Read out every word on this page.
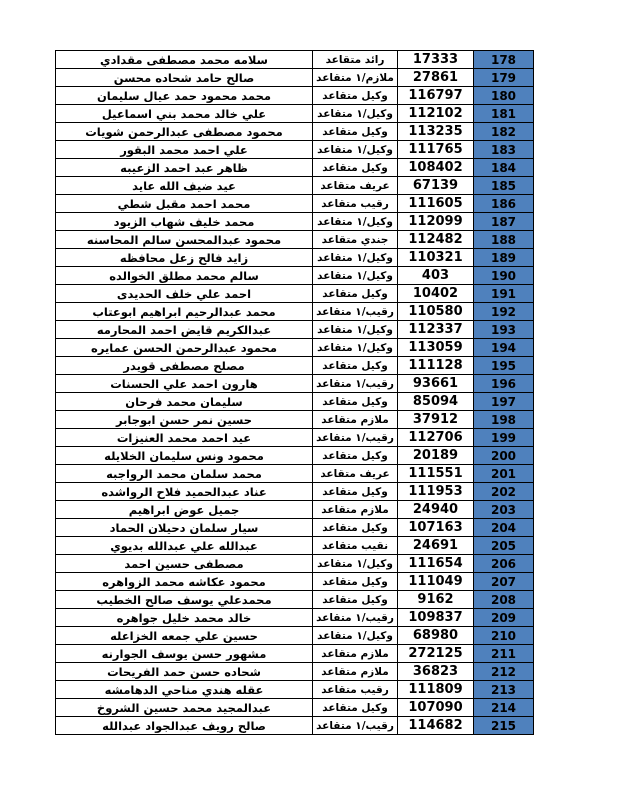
178	17333	رائد متقاعد	سلامه محمد مصطفى مقدادي
179	27861	ملازم/١ متقاعد	صالح حامد شحاده محسن
180	116797	وكيل متقاعد	محمد محمود حمد عيال سليمان
181	112102	وكيل/١ متقاعد	علي خالد محمد بني اسماعيل
182	113235	وكيل متقاعد	محمود مصطفى عبدالرحمن شويات
183	111765	وكيل/١ متقاعد	علي احمد محمد البقور
184	108402	وكيل متقاعد	ظاهر عبد احمد الزعيبه
185	67139	عريف متقاعد	عيد ضيف الله عايد
186	111605	رقيب متقاعد	محمد احمد مقبل شطي
187	112099	وكيل/١ متقاعد	محمد خليف شهاب الزيود
188	112482	جندي متقاعد	محمود عبدالمحسن سالم المحاسنه
189	110321	وكيل/١ متقاعد	زايد فالح زعل محافظه
190	403	وكيل/١ متقاعد	سالم محمد مطلق الخوالده
191	10402	وكيل متقاعد	احمد علي خلف الحديدى
192	110580	رقيب/١ متقاعد	محمد عبدالرحيم ابراهيم ابوعتاب
193	112337	وكيل/١ متقاعد	عبدالكريم قايض احمد المحارمه
194	113059	وكيل/١ متقاعد	محمود عبدالرحمن الحسن عمايره
195	111128	وكيل متقاعد	مصلح مصطفى قويدر
196	93661	رقيب/١ متقاعد	هارون احمد علي الحسنات
197	85094	وكيل متقاعد	سليمان محمد فرحان
198	37912	ملازم متقاعد	حسين نمر حسن ابوجابر
199	112706	رقيب/١ متقاعد	عيد احمد محمد العنيزات
200	20189	وكيل متقاعد	محمود ونس سليمان الخلايله
201	111551	عريف متقاعد	محمد سلمان محمد الرواجبه
202	111953	وكيل متقاعد	عناد عبدالحميد فلاح الرواشده
203	24940	ملازم متقاعد	جميل عوض ابراهيم
204	107163	وكيل متقاعد	سيار سلمان دحيلان الحماد
205	24691	نقيب متقاعد	عبدالله علي عبدالله بديوي
206	111654	وكيل/١ متقاعد	مصطفى حسين احمد
207	111049	وكيل متقاعد	محمود عكاشه محمد الزواهره
208	9162	وكيل متقاعد	محمدعلي يوسف صالح الخطيب
209	109837	رقيب/١ متقاعد	خالد محمد خليل جواهره
210	68980	وكيل/١ متقاعد	حسين علي جمعه الخزاعله
211	272125	ملازم متقاعد	مشهور حسن يوسف الجوارنه
212	36823	ملازم متقاعد	شحاده حسن حمد الفريحات
213	111809	رقيب متقاعد	عقله هندي مناحي الدهامشه
214	107090	وكيل متقاعد	عبدالمجيد محمد حسين الشروخ
215	114682	رقيب/١ متقاعد	صالح رويف عبدالجواد عبدالله
